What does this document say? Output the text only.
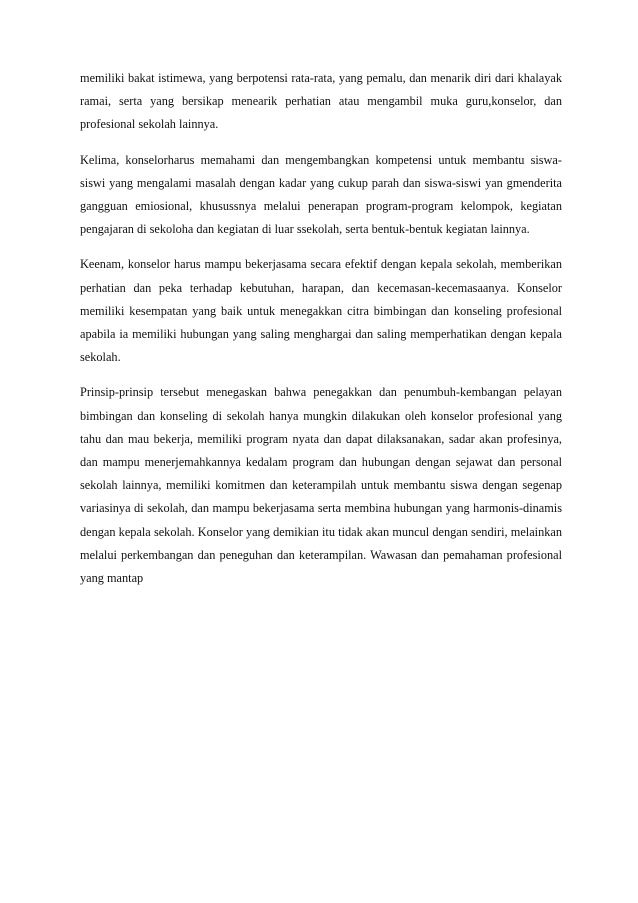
memiliki bakat istimewa, yang berpotensi rata-rata, yang pemalu, dan menarik diri dari khalayak ramai, serta yang bersikap menearik perhatian atau mengambil muka guru,konselor, dan profesional sekolah lainnya.

Kelima, konselorharus memahami dan mengembangkan kompetensi untuk membantu siswa-siswi yang mengalami masalah dengan kadar yang cukup parah dan siswa-siswi yan gmenderita gangguan emiosional, khusussnya melalui penerapan program-program kelompok, kegiatan pengajaran di sekoloha dan kegiatan di luar ssekolah, serta bentuk-bentuk kegiatan lainnya.

Keenam, konselor harus mampu bekerjasama secara efektif dengan kepala sekolah, memberikan perhatian dan peka terhadap kebutuhan, harapan, dan kecemasan-kecemasaanya. Konselor memiliki kesempatan yang baik untuk menegakkan citra bimbingan dan konseling profesional apabila ia memiliki hubungan yang saling menghargai dan saling memperhatikan dengan kepala sekolah.

Prinsip-prinsip tersebut menegaskan bahwa penegakkan dan penumbuh-kembangan pelayan bimbingan dan konseling di sekolah hanya mungkin dilakukan oleh konselor profesional yang tahu dan mau bekerja, memiliki program nyata dan dapat dilaksanakan, sadar akan profesinya, dan mampu menerjemahkannya kedalam program dan hubungan dengan sejawat dan personal sekolah lainnya, memiliki komitmen dan keterampilah untuk membantu siswa dengan segenap variasinya di sekolah, dan mampu bekerjasama serta membina hubungan yang harmonis-dinamis dengan kepala sekolah. Konselor yang demikian itu tidak akan muncul dengan sendiri, melainkan melalui perkembangan dan peneguhan dan keterampilan. Wawasan dan pemahaman profesional yang mantap
